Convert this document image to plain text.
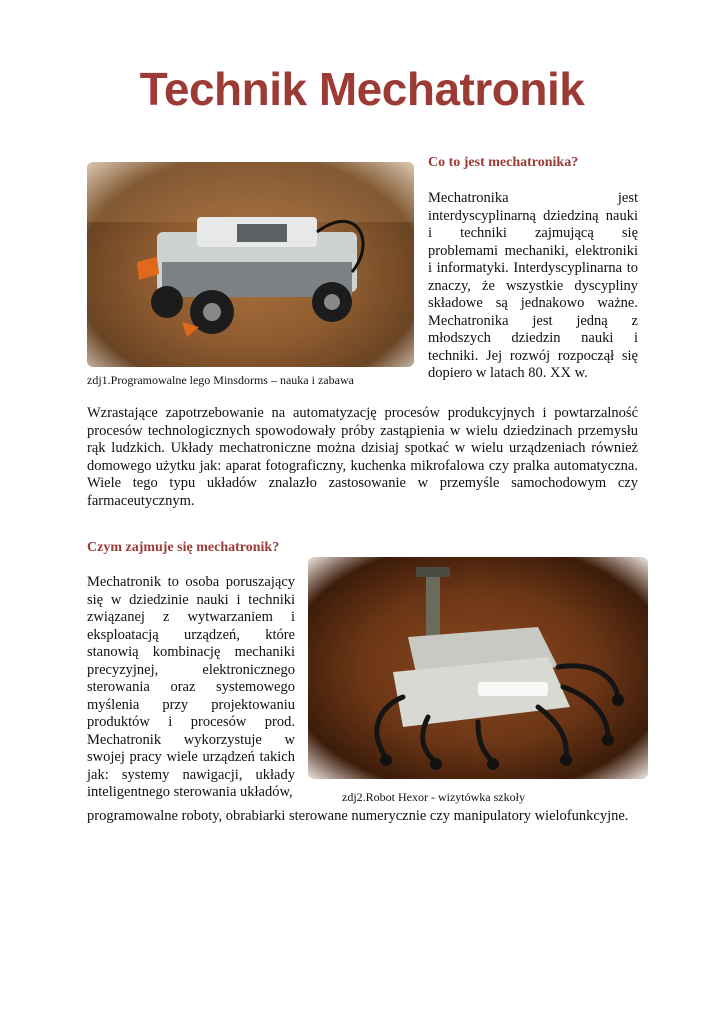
Technik Mechatronik
zdj1.Programowalne lego Minsdorms – nauka i zabawa
Co to jest mechatronika?

Mechatronika jest interdyscyplinarną dziedziną nauki i techniki zajmującą się problemami mechaniki, elektroniki i informatyki. Interdyscyplinarna to znaczy, że wszystkie dyscypliny składowe są jednakowo ważne. Mechatronika jest jedną z młodszych dziedzin nauki i techniki. Jej rozwój rozpoczął się dopiero w latach 80. XX w.

Wzrastające zapotrzebowanie na automatyzację procesów produkcyjnych i powtarzalność procesów technologicznych spowodowały próby zastąpienia w wielu dziedzinach przemysłu rąk ludzkich. Układy mechatroniczne można dzisiaj spotkać w wielu urządzeniach również domowego użytku jak: aparat fotograficzny, kuchenka mikrofalowa czy pralka automatyczna. Wiele tego typu układów znalazło zastosowanie w przemyśle samochodowym czy farmaceutycznym.

Czym zajmuje się mechatronik?

Mechatronik to osoba poruszający się w dziedzinie nauki i techniki związanej z wytwarzaniem i eksploatacją urządzeń, które stanowią kombinację mechaniki precyzyjnej, elektronicznego sterowania oraz systemowego myślenia przy projektowaniu produktów i procesów prod. Mechatronik wykorzystuje w swojej pracy wiele urządzeń takich jak: systemy nawigacji, układy inteligentnego sterowania układów,	zdj2.Robot Hexor - wizytówka szkoły

programowalne roboty, obrabiarki sterowane numerycznie czy manipulatory wielofunkcyjne.
